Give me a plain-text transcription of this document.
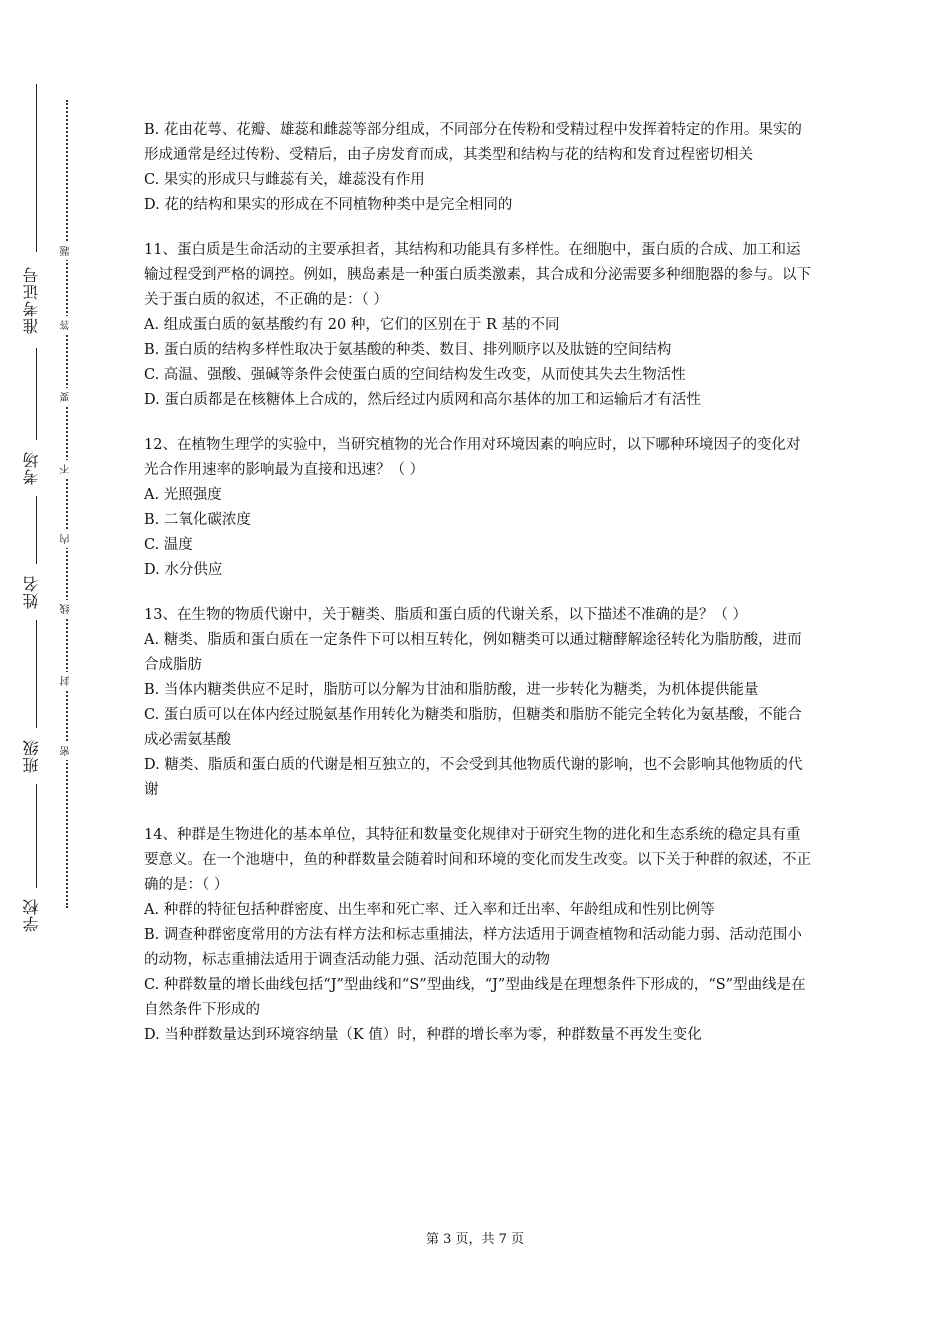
准考证号
考场
姓名
班级
学校
题
答
要
不
内
线
封
密

B. 花由花萼、花瓣、雄蕊和雌蕊等部分组成，不同部分在传粉和受精过程中发挥着特定的作用。果实的形成通常是经过传粉、受精后，由子房发育而成，其类型和结构与花的结构和发育过程密切相关

C. 果实的形成只与雌蕊有关，雄蕊没有作用

D. 花的结构和果实的形成在不同植物种类中是完全相同的

11、蛋白质是生命活动的主要承担者，其结构和功能具有多样性。在细胞中，蛋白质的合成、加工和运输过程受到严格的调控。例如，胰岛素是一种蛋白质类激素，其合成和分泌需要多种细胞器的参与。以下关于蛋白质的叙述，不正确的是：（ ）

A. 组成蛋白质的氨基酸约有 20 种，它们的区别在于 R 基的不同

B. 蛋白质的结构多样性取决于氨基酸的种类、数目、排列顺序以及肽链的空间结构

C. 高温、强酸、强碱等条件会使蛋白质的空间结构发生改变，从而使其失去生物活性

D. 蛋白质都是在核糖体上合成的，然后经过内质网和高尔基体的加工和运输后才有活性

12、在植物生理学的实验中，当研究植物的光合作用对环境因素的响应时，以下哪种环境因子的变化对光合作用速率的影响最为直接和迅速？（ ）

A. 光照强度

B. 二氧化碳浓度

C. 温度

D. 水分供应

13、在生物的物质代谢中，关于糖类、脂质和蛋白质的代谢关系，以下描述不准确的是？（ ）

A. 糖类、脂质和蛋白质在一定条件下可以相互转化，例如糖类可以通过糖酵解途径转化为脂肪酸，进而合成脂肪

B. 当体内糖类供应不足时，脂肪可以分解为甘油和脂肪酸，进一步转化为糖类，为机体提供能量

C. 蛋白质可以在体内经过脱氨基作用转化为糖类和脂肪，但糖类和脂肪不能完全转化为氨基酸，不能合成必需氨基酸

D. 糖类、脂质和蛋白质的代谢是相互独立的，不会受到其他物质代谢的影响，也不会影响其他物质的代谢

14、种群是生物进化的基本单位，其特征和数量变化规律对于研究生物的进化和生态系统的稳定具有重要意义。在一个池塘中，鱼的种群数量会随着时间和环境的变化而发生改变。以下关于种群的叙述，不正确的是：（ ）

A. 种群的特征包括种群密度、出生率和死亡率、迁入率和迁出率、年龄组成和性别比例等

B. 调查种群密度常用的方法有样方法和标志重捕法，样方法适用于调查植物和活动能力弱、活动范围小的动物，标志重捕法适用于调查活动能力强、活动范围大的动物

C. 种群数量的增长曲线包括“J”型曲线和“S”型曲线，“J”型曲线是在理想条件下形成的，“S”型曲线是在自然条件下形成的

D. 当种群数量达到环境容纳量（K 值）时，种群的增长率为零，种群数量不再发生变化

第 3 页，共 7 页
